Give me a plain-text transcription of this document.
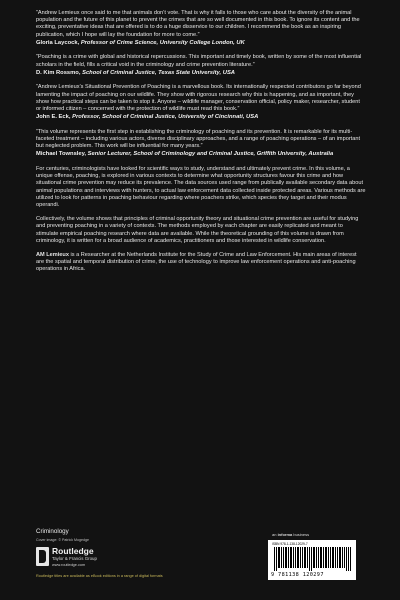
“Andrew Lemieux once said to me that animals don’t vote. That is why it falls to those who care about the diversity of the animal population and the future of this planet to prevent the crimes that are so well documented in this book. To ignore its content and the exciting, preventative ideas that are offered is to do a huge disservice to our children. I recommend the book as an inspiring publication, which I hope will lay the foundation for more to come.”

Gloria Laycock, Professor of Crime Science, University College London, UK

“Poaching is a crime with global and historical repercussions. This important and timely book, written by some of the most influential scholars in the field, fills a critical void in the criminology and crime prevention literature.”

D. Kim Rossmo, School of Criminal Justice, Texas State University, USA

“Andrew Lemieux’s Situational Prevention of Poaching is a marvellous book. Its internationally respected contributors go far beyond lamenting the impact of poaching on our wildlife. They show with rigorous research why this is happening, and as important, they show how practical steps can be taken to stop it. Anyone – wildlife manager, conservation official, policy maker, researcher, student or informed citizen – concerned with the protection of wildlife must read this book.”

John E. Eck, Professor, School of Criminal Justice, University of Cincinnati, USA

“This volume represents the first step in establishing the criminology of poaching and its prevention. It is remarkable for its multi-faceted treatment – including various actors, diverse disciplinary approaches, and a range of poaching operations – of an important but neglected problem. This work will be influential for many years.”

Michael Townsley, Senior Lecturer, School of Criminology and Criminal Justice, Griffith University, Australia

For centuries, criminologists have looked for scientific ways to study, understand and ultimately prevent crime. In this volume, a unique offense, poaching, is explored in various contexts to determine what opportunity structures favour this crime and how situational crime prevention may reduce its prevalence. The data sources used range from publically available secondary data about animal populations and interviews with hunters, to actual law enforcement data collected inside protected areas. Various methods are utilized to look for patterns in poaching behaviour regarding where poachers strike, which species they target and their modus operandi.

Collectively, the volume shows that principles of criminal opportunity theory and situational crime prevention are useful for studying and preventing poaching in a variety of contexts. The methods employed by each chapter are easily replicated and meant to stimulate empirical poaching research where data are available. While the theoretical grounding of this volume is drawn from criminology, it is written for a broad audience of academics, practitioners and those interested in wildlife conservation.

AM Lemieux is a Researcher at the Netherlands Institute for the Study of Crime and Law Enforcement. His main areas of interest are the spatial and temporal distribution of crime, the use of technology to improve law enforcement operations and anti-poaching operations in Africa.

Criminology
Cover image: © Patrick Mogedge
Routledge
Taylor & Francis Group
www.routledge.com
Routledge titles are available as eBook editions in a range of digital formats
an informa business
ISBN 978-1-138-12029-7
9 781138 120297
